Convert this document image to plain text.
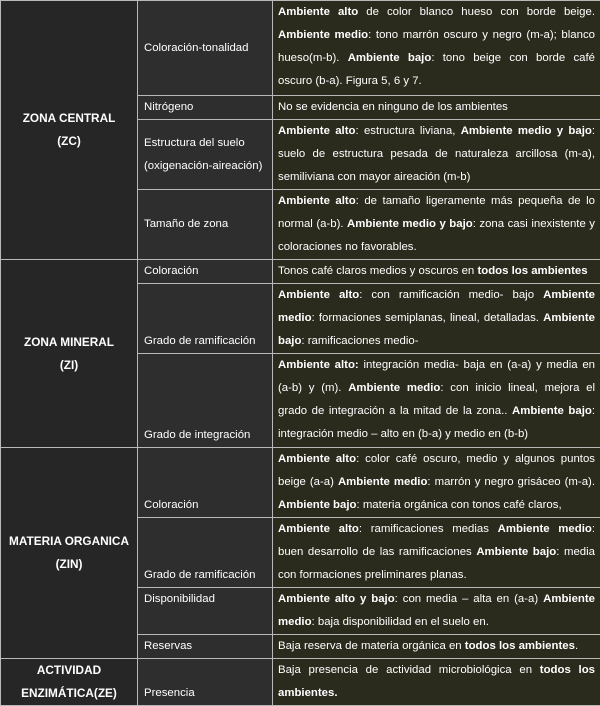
ZONA CENTRAL
(ZC)	Coloración-tonalidad	Ambiente alto de color blanco hueso con borde beige. Ambiente medio: tono marrón oscuro y negro (m-a); blanco hueso(m-b). Ambiente bajo: tono beige con borde café oscuro (b-a). Figura 5, 6 y 7.
	Nitrógeno	No se evidencia en ninguno de los ambientes
	Estructura del suelo (oxigenación-aireación)	Ambiente alto: estructura liviana, Ambiente medio y bajo: suelo de estructura pesada de naturaleza arcillosa (m-a), semiliviana con mayor aireación (m-b)
	Tamaño de zona	Ambiente alto: de tamaño ligeramente más pequeña de lo normal (a-b). Ambiente medio y bajo: zona casi inexistente y coloraciones no favorables.

ZONA MINERAL
(ZI)	Coloración	Tonos café claros medios y oscuros en todos los ambientes
	Grado de ramificación	Ambiente alto: con ramificación medio- bajo Ambiente medio: formaciones semiplanas, lineal, detalladas. Ambiente bajo: ramificaciones medio-
	Grado de integración	Ambiente alto: integración media- baja en (a-a) y media en (a-b) y (m). Ambiente medio: con inicio lineal, mejora el grado de integración a la mitad de la zona.. Ambiente bajo: integración medio – alto en (b-a) y medio en (b-b)

MATERIA ORGANICA
(ZIN)	Coloración	Ambiente alto: color café oscuro, medio y algunos puntos beige (a-a) Ambiente medio: marrón y negro grisáceo (m-a). Ambiente bajo: materia orgánica con tonos café claros,
	Grado de ramificación	Ambiente alto: ramificaciones medias Ambiente medio: buen desarrollo de las ramificaciones Ambiente bajo: media con formaciones preliminares planas.
	Disponibilidad	Ambiente alto y bajo: con media – alta en (a-a) Ambiente medio: baja disponibilidad en el suelo en.
	Reservas	Baja reserva de materia orgánica en todos los ambientes.

ACTIVIDAD
ENZIMÁTICA(ZE)	Presencia	Baja presencia de actividad microbiológica en todos los ambientes.
